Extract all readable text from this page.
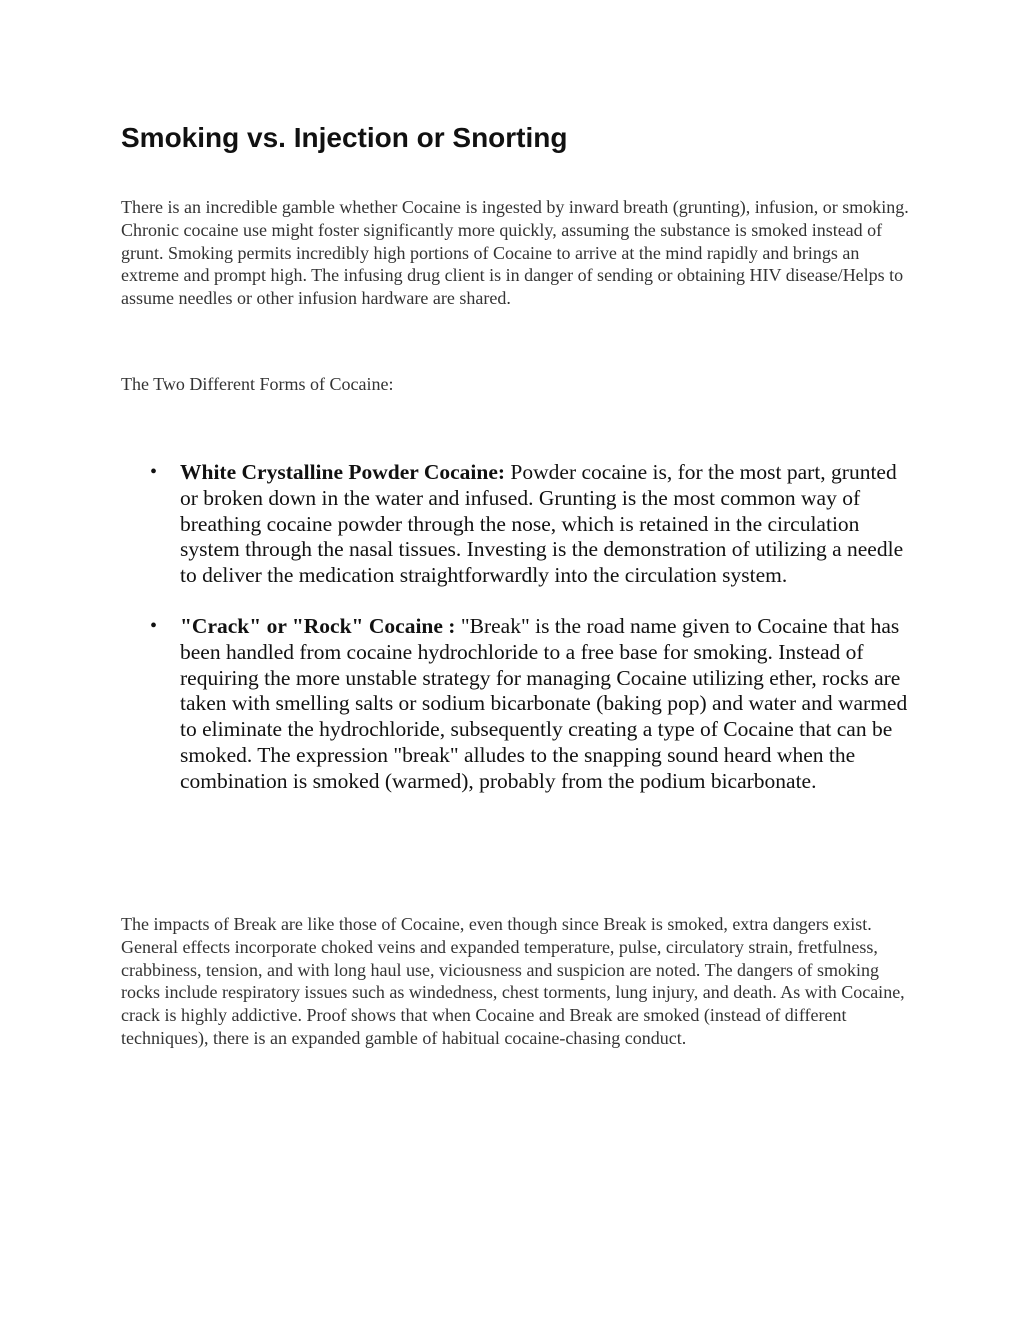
Smoking vs. Injection or Snorting

There is an incredible gamble whether Cocaine is ingested by inward breath (grunting), infusion, or smoking. Chronic cocaine use might foster significantly more quickly, assuming the substance is smoked instead of grunt. Smoking permits incredibly high portions of Cocaine to arrive at the mind rapidly and brings an extreme and prompt high. The infusing drug client is in danger of sending or obtaining HIV disease/Helps to assume needles or other infusion hardware are shared.

The Two Different Forms of Cocaine:

• White Crystalline Powder Cocaine: Powder cocaine is, for the most part, grunted or broken down in the water and infused. Grunting is the most common way of breathing cocaine powder through the nose, which is retained in the circulation system through the nasal tissues. Investing is the demonstration of utilizing a needle to deliver the medication straightforwardly into the circulation system.
• "Crack" or "Rock" Cocaine : "Break" is the road name given to Cocaine that has been handled from cocaine hydrochloride to a free base for smoking. Instead of requiring the more unstable strategy for managing Cocaine utilizing ether, rocks are taken with smelling salts or sodium bicarbonate (baking pop) and water and warmed to eliminate the hydrochloride, subsequently creating a type of Cocaine that can be smoked. The expression "break" alludes to the snapping sound heard when the combination is smoked (warmed), probably from the podium bicarbonate.

The impacts of Break are like those of Cocaine, even though since Break is smoked, extra dangers exist. General effects incorporate choked veins and expanded temperature, pulse, circulatory strain, fretfulness, crabbiness, tension, and with long haul use, viciousness and suspicion are noted. The dangers of smoking rocks include respiratory issues such as windedness, chest torments, lung injury, and death. As with Cocaine, crack is highly addictive. Proof shows that when Cocaine and Break are smoked (instead of different techniques), there is an expanded gamble of habitual cocaine-chasing conduct.
